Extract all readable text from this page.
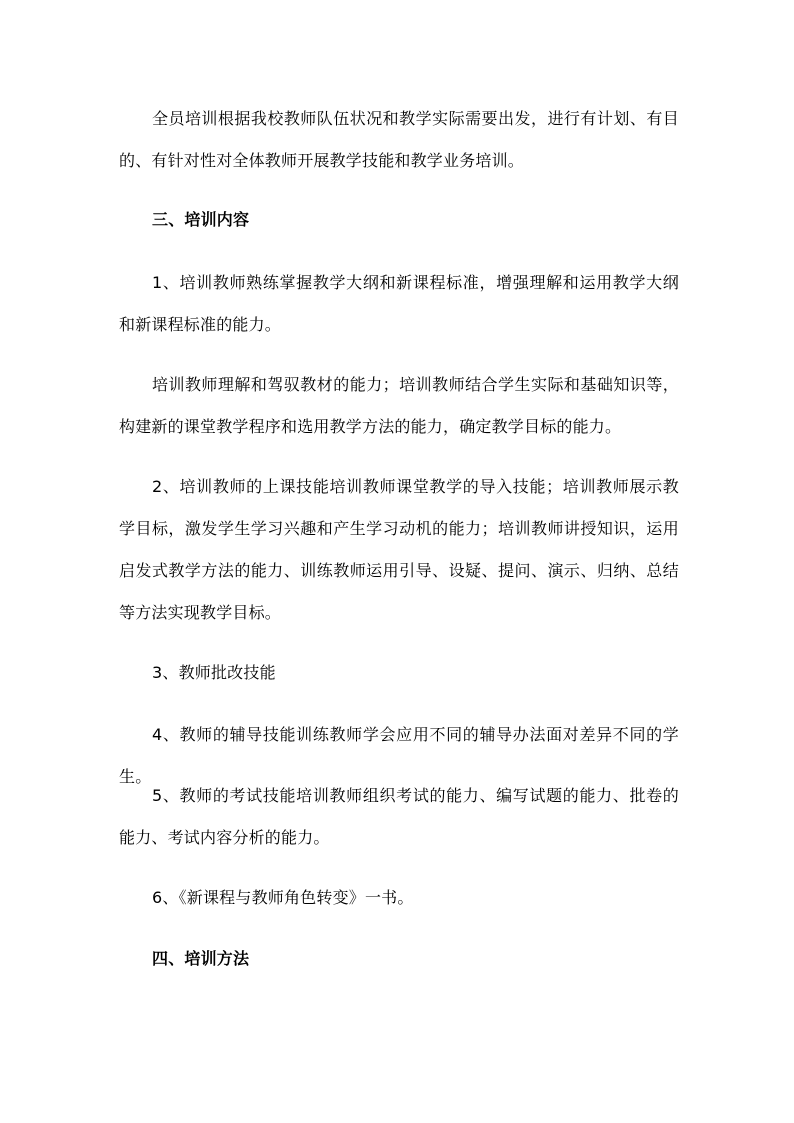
全员培训根据我校教师队伍状况和教学实际需要出发，进行有计划、有目的、有针对性对全体教师开展教学技能和教学业务培训。

三、培训内容

1、培训教师熟练掌握教学大纲和新课程标准，增强理解和运用教学大纲和新课程标准的能力。

培训教师理解和驾驭教材的能力；培训教师结合学生实际和基础知识等，构建新的课堂教学程序和选用教学方法的能力，确定教学目标的能力。

2、培训教师的上课技能培训教师课堂教学的导入技能；培训教师展示教学目标，激发学生学习兴趣和产生学习动机的能力；培训教师讲授知识，运用启发式教学方法的能力、训练教师运用引导、设疑、提问、演示、归纳、总结等方法实现教学目标。

3、教师批改技能

4、教师的辅导技能训练教师学会应用不同的辅导办法面对差异不同的学生。

5、教师的考试技能培训教师组织考试的能力、编写试题的能力、批卷的能力、考试内容分析的能力。

6、《新课程与教师角色转变》一书。

四、培训方法
